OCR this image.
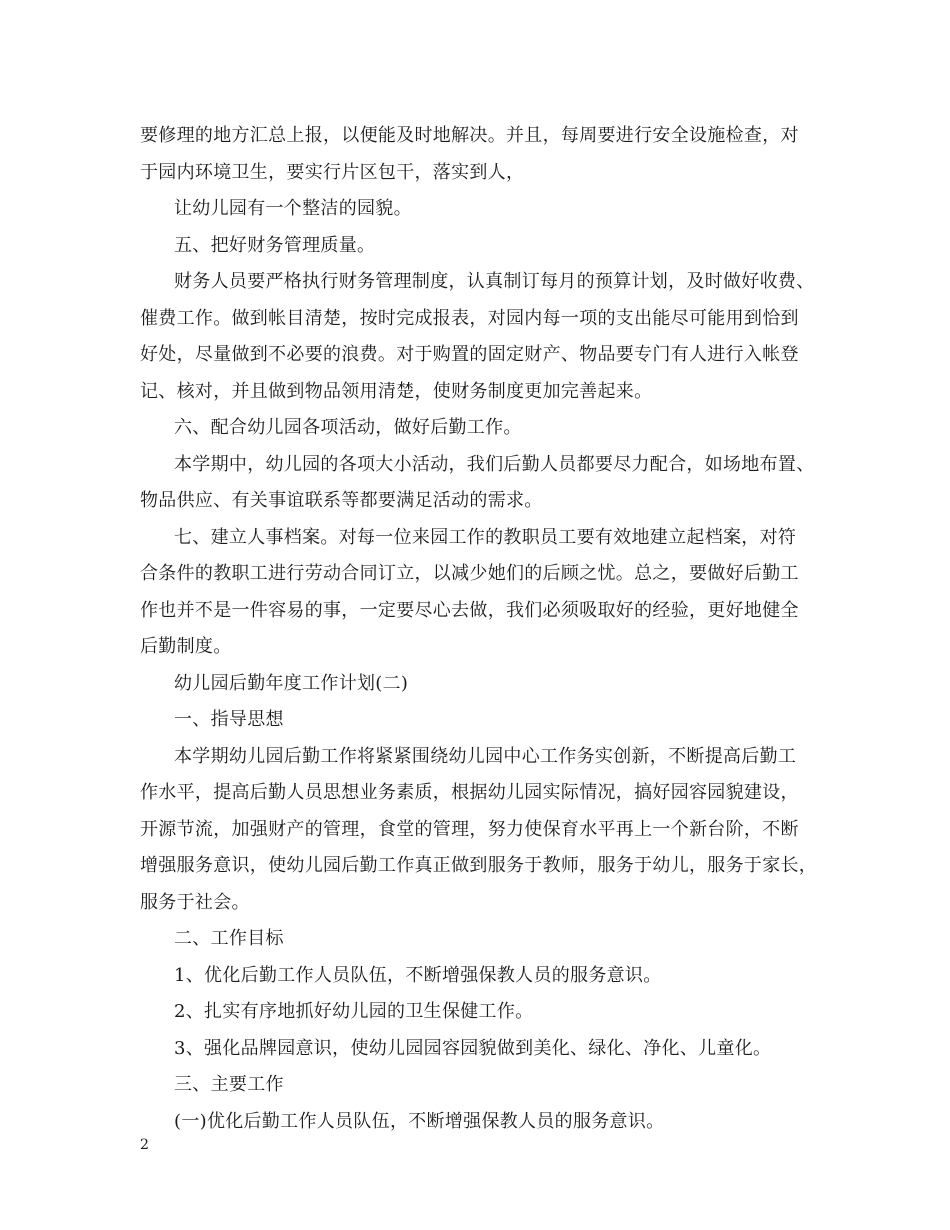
要修理的地方汇总上报，以便能及时地解决。并且，每周要进行安全设施检查，对
于园内环境卫生，要实行片区包干，落实到人，
让幼儿园有一个整洁的园貌。
五、把好财务管理质量。
财务人员要严格执行财务管理制度，认真制订每月的预算计划，及时做好收费、
催费工作。做到帐目清楚，按时完成报表，对园内每一项的支出能尽可能用到恰到
好处，尽量做到不必要的浪费。对于购置的固定财产、物品要专门有人进行入帐登
记、核对，并且做到物品领用清楚，使财务制度更加完善起来。
六、配合幼儿园各项活动，做好后勤工作。
本学期中，幼儿园的各项大小活动，我们后勤人员都要尽力配合，如场地布置、
物品供应、有关事谊联系等都要满足活动的需求。
七、建立人事档案。对每一位来园工作的教职员工要有效地建立起档案，对符
合条件的教职工进行劳动合同订立，以减少她们的后顾之忧。总之，要做好后勤工
作也并不是一件容易的事，一定要尽心去做，我们必须吸取好的经验，更好地健全
后勤制度。
幼儿园后勤年度工作计划(二)
一、指导思想
本学期幼儿园后勤工作将紧紧围绕幼儿园中心工作务实创新，不断提高后勤工
作水平，提高后勤人员思想业务素质，根据幼儿园实际情况，搞好园容园貌建设，
开源节流，加强财产的管理，食堂的管理，努力使保育水平再上一个新台阶，不断
增强服务意识，使幼儿园后勤工作真正做到服务于教师，服务于幼儿，服务于家长，
服务于社会。
二、工作目标
1、优化后勤工作人员队伍，不断增强保教人员的服务意识。
2、扎实有序地抓好幼儿园的卫生保健工作。
3、强化品牌园意识，使幼儿园园容园貌做到美化、绿化、净化、儿童化。
三、主要工作
(一)优化后勤工作人员队伍，不断增强保教人员的服务意识。
2
